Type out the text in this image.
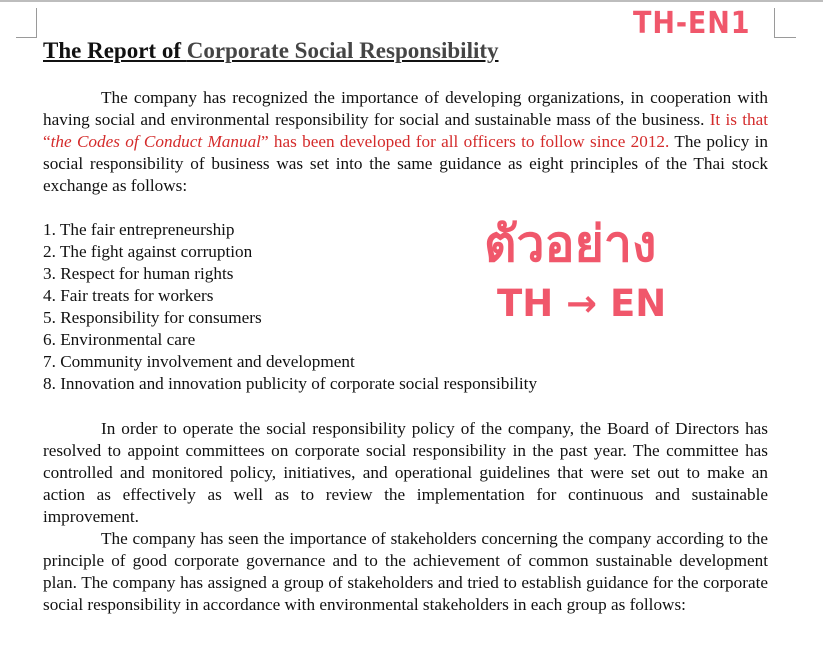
TH-EN1
ตัวอย่าง
TH → EN
The Report of Corporate Social Responsibility

The company has recognized the importance of developing organizations, in cooperation with having social and environmental responsibility for social and sustainable mass of the business. It is that “the Codes of Conduct Manual” has been developed for all officers to follow since 2012. The policy in social responsibility of business was set into the same guidance as eight principles of the Thai stock exchange as follows:

1. The fair entrepreneurship
2. The fight against corruption
3. Respect for human rights
4. Fair treats for workers
5. Responsibility for consumers
6. Environmental care
7. Community involvement and development
8. Innovation and innovation publicity of corporate social responsibility

In order to operate the social responsibility policy of the company, the Board of Directors has resolved to appoint committees on corporate social responsibility in the past year. The committee has controlled and monitored policy, initiatives, and operational guidelines that were set out to make an action as effectively as well as to review the implementation for continuous and sustainable improvement.

The company has seen the importance of stakeholders concerning the company according to the principle of good corporate governance and to the achievement of common sustainable development plan. The company has assigned a group of stakeholders and tried to establish guidance for the corporate social responsibility in accordance with environmental stakeholders in each group as follows:
